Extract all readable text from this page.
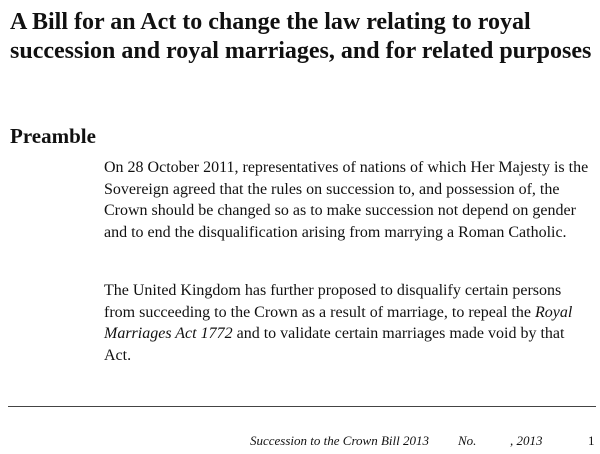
A Bill for an Act to change the law relating to royal succession and royal marriages, and for related purposes
Preamble

On 28 October 2011, representatives of nations of which Her Majesty is the Sovereign agreed that the rules on succession to, and possession of, the Crown should be changed so as to make succession not depend on gender and to end the disqualification arising from marrying a Roman Catholic.

The United Kingdom has further proposed to disqualify certain persons from succeeding to the Crown as a result of marriage, to repeal the Royal Marriages Act 1772 and to validate certain marriages made void by that Act.

Succession to the Crown Bill 2013 No.	, 2013	1
